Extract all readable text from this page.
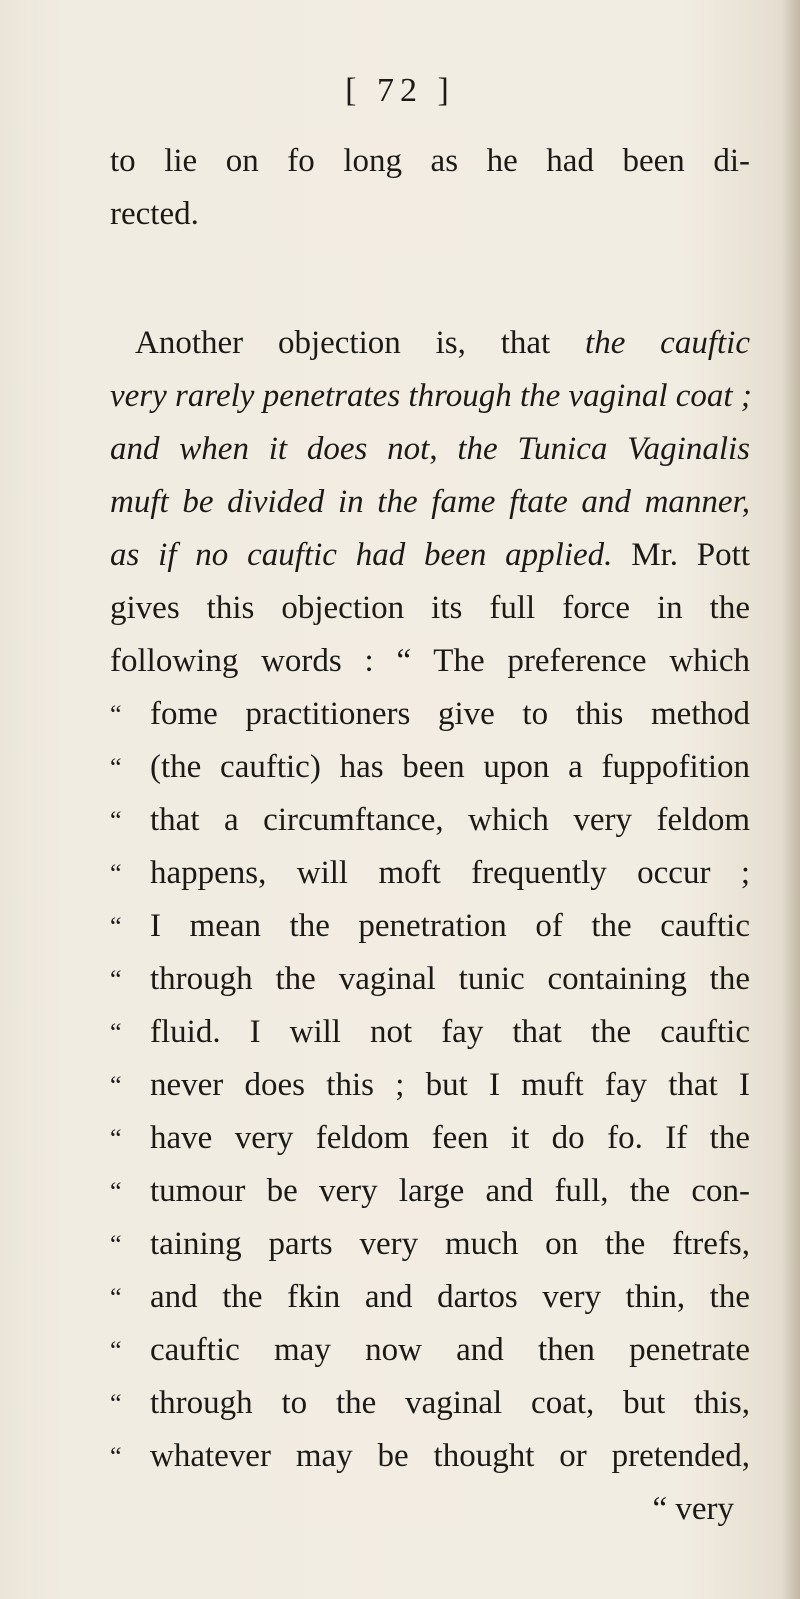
[ 72 ]
to lie on fo long as he had been di-
rected.
Another objection is, that the cauftic
very rarely penetrates through the vaginal coat ;
and when it does not, the Tunica Vaginalis
muft be divided in the fame ftate and manner,
as if no cauftic had been applied. Mr. Pott
gives this objection its full force in the
following words : “ The preference which
“ fome practitioners give to this method
“ (the cauftic) has been upon a fuppofition
“ that a circumftance, which very feldom
“ happens, will moft frequently occur ;
“ I mean the penetration of the cauftic
“ through the vaginal tunic containing the
“ fluid. I will not fay that the cauftic
“ never does this ; but I muft fay that I
“ have very feldom feen it do fo. If the
“ tumour be very large and full, the con-
“ taining parts very much on the ftrefs,
“ and the fkin and dartos very thin, the
“ cauftic may now and then penetrate
“ through to the vaginal coat, but this,
“ whatever may be thought or pretended,
“ very
